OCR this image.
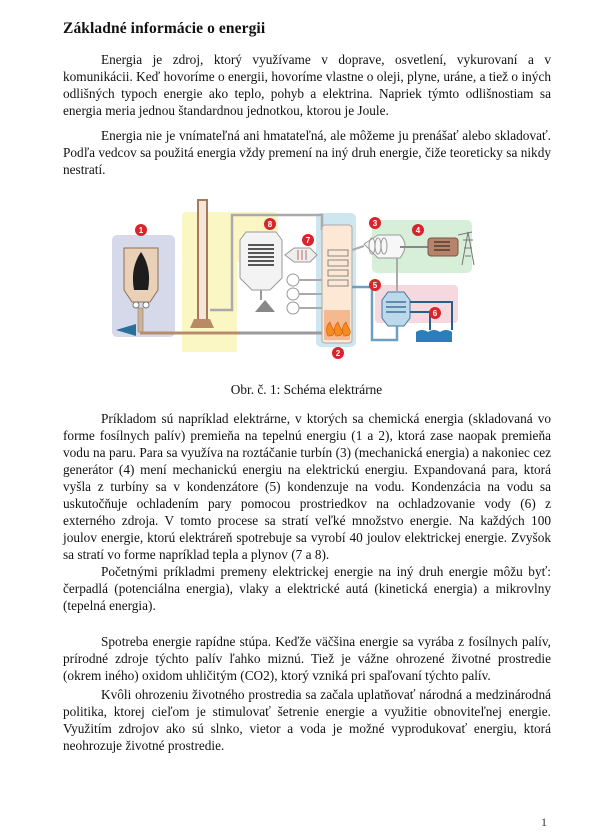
Základné informácie o energii

Energia je zdroj, ktorý využívame v doprave, osvetlení, vykurovaní a v komunikácii. Keď hovoríme o energii, hovoríme vlastne o oleji, plyne, uráne, a tiež o iných odlišných typoch energie ako teplo, pohyb a elektrina. Napriek týmto odlišnostiam sa energia meria jednou štandardnou jednotkou, ktorou je Joule.

Energia nie je vnímateľná ani hmatateľná, ale môžeme ju prenášať alebo skladovať. Podľa vedcov sa použitá energia vždy premení na iný druh energie, čiže teoreticky sa nikdy nestratí.

1
2
3
4
5
6
7
8
Obr. č. 1: Schéma elektrárne

Príkladom sú napríklad elektrárne, v ktorých sa chemická energia (skladovaná vo forme fosílnych palív) premieňa na tepelnú energiu (1 a 2), ktorá zase naopak premieňa vodu na paru. Para sa využíva na roztáčanie turbín (3) (mechanická energia) a nakoniec cez generátor (4) mení mechanickú energiu na elektrickú energiu. Expandovaná para, ktorá vyšla z turbíny sa v kondenzátore (5) kondenzuje na vodu. Kondenzácia na vodu sa uskutočňuje ochladením pary pomocou prostriedkov na ochladzovanie vody (6) z externého zdroja. V tomto procese sa stratí veľké množstvo energie. Na každých 100 joulov energie, ktorú elektráreň spotrebuje sa vyrobí 40 joulov elektrickej energie. Zvyšok sa stratí vo forme napríklad tepla a plynov (7 a 8).

Početnými príkladmi premeny elektrickej energie na iný druh energie môžu byť: čerpadlá (potenciálna energia), vlaky a elektrické autá (kinetická energia) a mikrovlny (tepelná energia).

Spotreba energie rapídne stúpa. Keďže väčšina energie sa vyrába z fosílnych palív, prírodné zdroje týchto palív ľahko miznú. Tiež je vážne ohrozené životné prostredie (okrem iného) oxidom uhličitým (CO2), ktorý vzniká pri spaľovaní týchto palív.

Kvôli ohrozeniu životného prostredia sa začala uplatňovať národná a medzinárodná politika, ktorej cieľom je stimulovať šetrenie energie a využitie obnoviteľnej energie. Využitím zdrojov ako sú slnko, vietor a voda je možné vyprodukovať energiu, ktorá neohrozuje životné prostredie.

1
